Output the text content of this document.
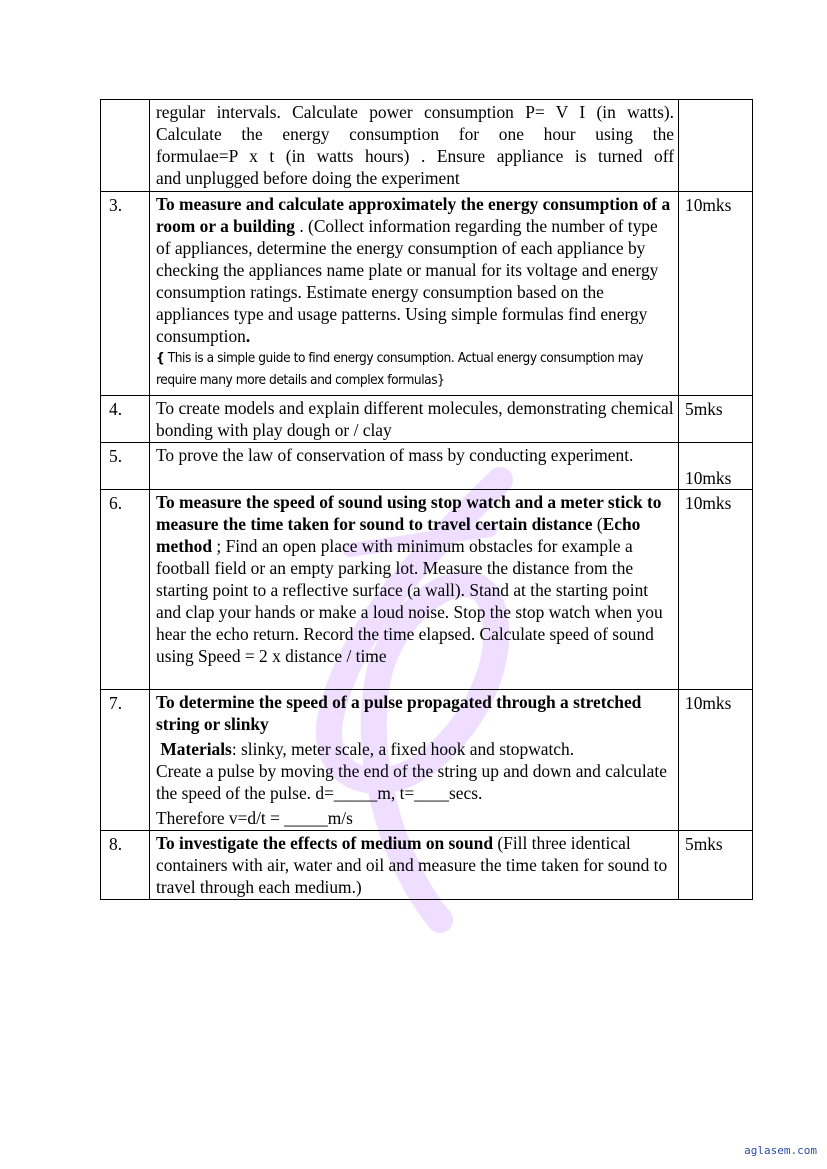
	regular intervals. Calculate power consumption P= V I (in watts).
Calculate the energy consumption for one hour using the
formulae=P x t (in watts hours) . Ensure appliance is turned off
and unplugged before doing the experiment	

3.	To measure and calculate approximately the energy consumption of a room or a building . (Collect information regarding the number of type of appliances, determine the energy consumption of each appliance by checking the appliances name plate or manual for its voltage and energy consumption ratings. Estimate energy consumption based on the appliances type and usage patterns. Using simple formulas find energy consumption.
{ This is a simple guide to find energy consumption. Actual energy consumption may require many more details and complex formulas}	10mks
4.	To create models and explain different molecules, demonstrating chemical bonding with play dough or / clay	5mks
5.	To prove the law of conservation of mass by conducting experiment.	10mks

6.	To measure the speed of sound using stop watch and a meter stick to measure the time taken for sound to travel certain distance (Echo method ; Find an open place with minimum obstacles for example a football field or an empty parking lot. Measure the distance from the starting point to a reflective surface (a wall). Stand at the starting point and clap your hands or make a loud noise. Stop the stop watch when you hear the echo return. Record the time elapsed. Calculate speed of sound using Speed = 2 x distance / time	10mks
7.	To determine the speed of a pulse propagated through a stretched string or slinky
Materials: slinky, meter scale, a fixed hook and stopwatch.
Create a pulse by moving the end of the string up and down and calculate the speed of the pulse. d=_____m, t=____secs.
Therefore v=d/t = _____m/s	10mks
8.	To investigate the effects of medium on sound (Fill three identical containers with air, water and oil and measure the time taken for sound to travel through each medium.)	5mks
aglasem.com
